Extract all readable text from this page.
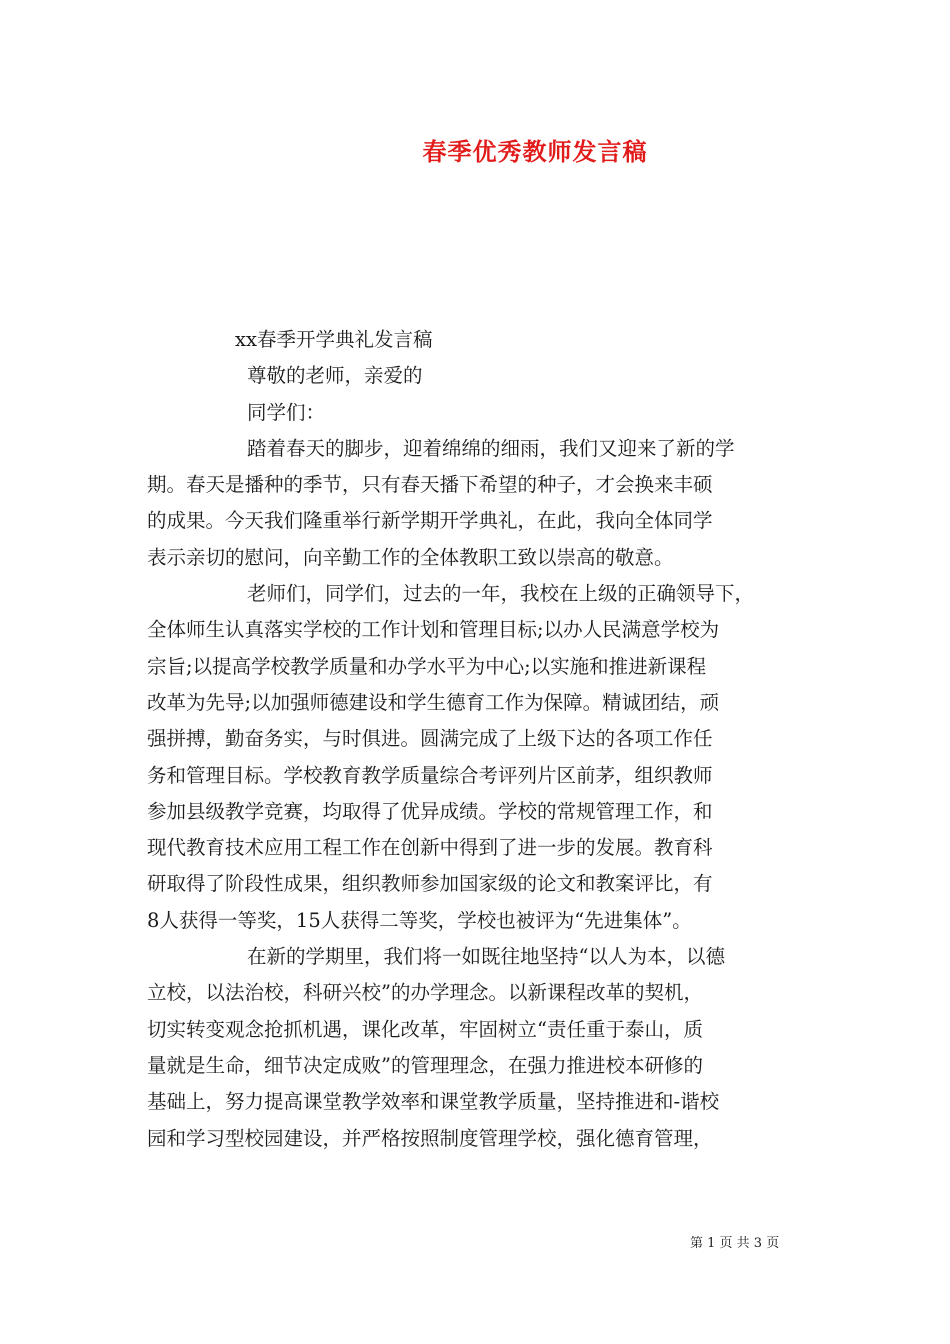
春季优秀教师发言稿
xx春季开学典礼发言稿
尊敬的老师，亲爱的
同学们：
踏着春天的脚步，迎着绵绵的细雨，我们又迎来了新的学
期。春天是播种的季节，只有春天播下希望的种子，才会换来丰硕
的成果。今天我们隆重举行新学期开学典礼，在此，我向全体同学
表示亲切的慰问，向辛勤工作的全体教职工致以崇高的敬意。
老师们，同学们，过去的一年，我校在上级的正确领导下，
全体师生认真落实学校的工作计划和管理目标;以办人民满意学校为
宗旨;以提高学校教学质量和办学水平为中心;以实施和推进新课程
改革为先导;以加强师德建设和学生德育工作为保障。精诚团结，顽
强拼搏，勤奋务实，与时俱进。圆满完成了上级下达的各项工作任
务和管理目标。学校教育教学质量综合考评列片区前茅，组织教师
参加县级教学竞赛，均取得了优异成绩。学校的常规管理工作，和
现代教育技术应用工程工作在创新中得到了进一步的发展。教育科
研取得了阶段性成果，组织教师参加国家级的论文和教案评比，有
8人获得一等奖，15人获得二等奖，学校也被评为“先进集体”。
在新的学期里，我们将一如既往地坚持“以人为本，以德
立校，以法治校，科研兴校”的办学理念。以新课程改革的契机，
切实转变观念抢抓机遇，课化改革，牢固树立“责任重于泰山，质
量就是生命，细节决定成败”的管理理念，在强力推进校本研修的
基础上，努力提高课堂教学效率和课堂教学质量，坚持推进和-谐校
园和学习型校园建设，并严格按照制度管理学校，强化德育管理，
第 1 页 共 3 页
